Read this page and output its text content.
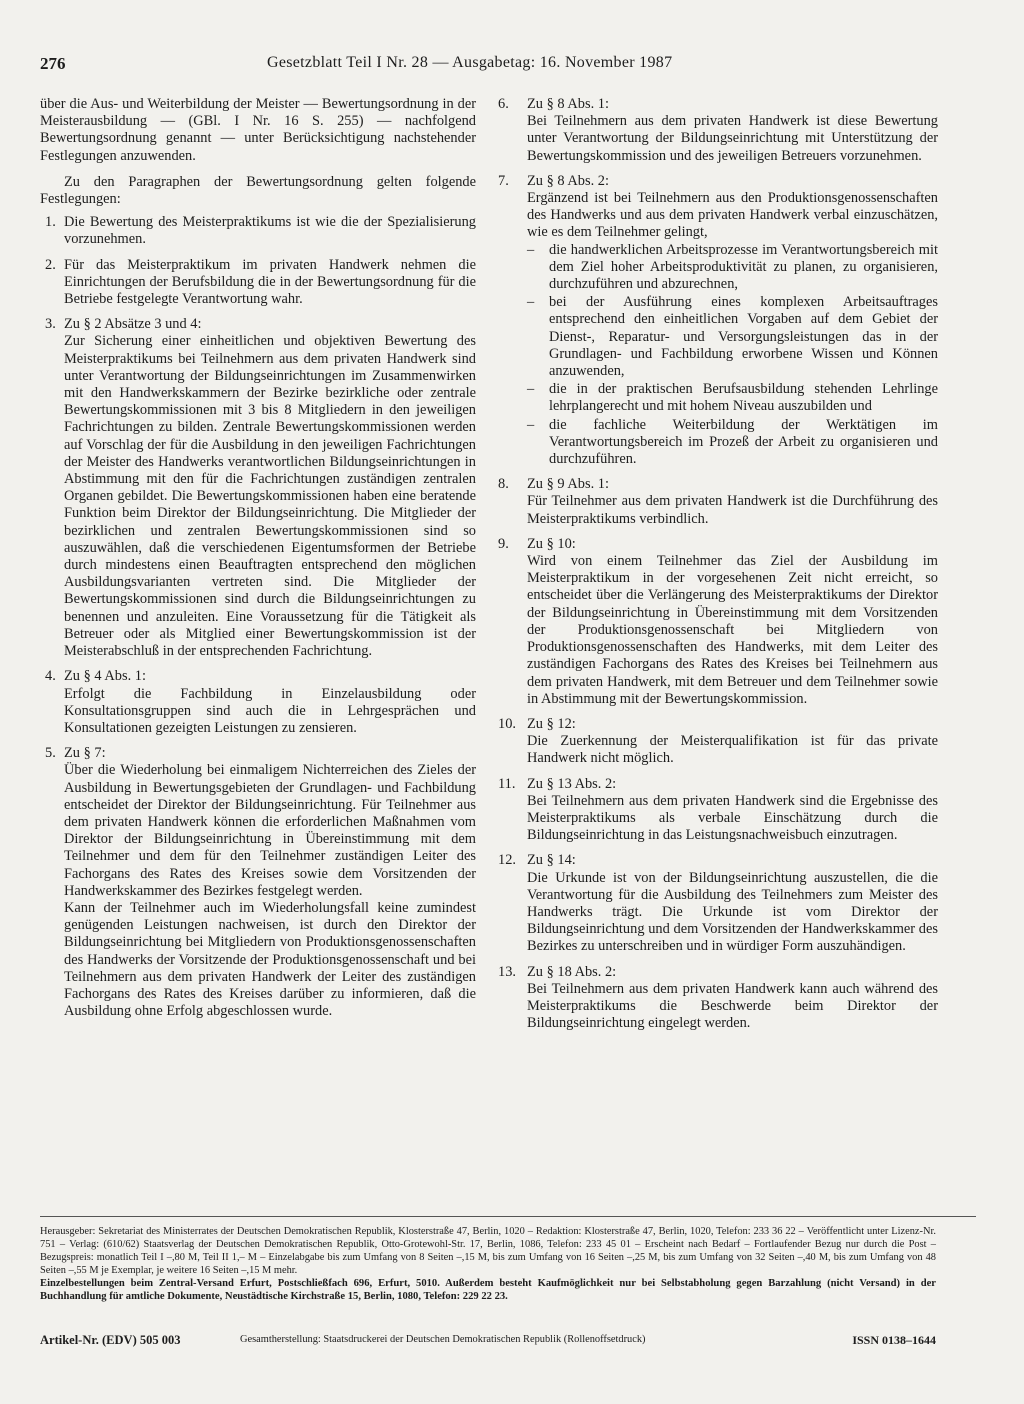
276	Gesetzblatt Teil I Nr. 28 — Ausgabetag: 16. November 1987

über die Aus- und Weiterbildung der Meister — Bewertungsordnung in der Meisterausbildung — (GBl. I Nr. 16 S. 255) — nachfolgend Bewertungsordnung genannt — unter Berücksichtigung nachstehender Festlegungen anzuwenden.

Zu den Paragraphen der Bewertungsordnung gelten folgende Festlegungen:

1. Die Bewertung des Meisterpraktikums ist wie die der Spezialisierung vorzunehmen.

2. Für das Meisterpraktikum im privaten Handwerk nehmen die Einrichtungen der Berufsbildung die in der Bewertungsordnung für die Betriebe festgelegte Verantwortung wahr.

3. Zu § 2 Absätze 3 und 4:

Zur Sicherung einer einheitlichen und objektiven Bewertung des Meisterpraktikums bei Teilnehmern aus dem privaten Handwerk sind unter Verantwortung der Bildungseinrichtungen im Zusammenwirken mit den Handwerkskammern der Bezirke bezirkliche oder zentrale Bewertungskommissionen mit 3 bis 8 Mitgliedern in den jeweiligen Fachrichtungen zu bilden. Zentrale Bewertungskommissionen werden auf Vorschlag der für die Ausbildung in den jeweiligen Fachrichtungen der Meister des Handwerks verantwortlichen Bildungseinrichtungen in Abstimmung mit den für die Fachrichtungen zuständigen zentralen Organen gebildet. Die Bewertungskommissionen haben eine beratende Funktion beim Direktor der Bildungseinrichtung. Die Mitglieder der bezirklichen und zentralen Bewertungskommissionen sind so auszuwählen, daß die verschiedenen Eigentumsformen der Betriebe durch mindestens einen Beauftragten entsprechend den möglichen Ausbildungsvarianten vertreten sind. Die Mitglieder der Bewertungskommissionen sind durch die Bildungseinrichtungen zu benennen und anzuleiten. Eine Voraussetzung für die Tätigkeit als Betreuer oder als Mitglied einer Bewertungskommission ist der Meisterabschluß in der entsprechenden Fachrichtung.

4. Zu § 4 Abs. 1:

Erfolgt die Fachbildung in Einzelausbildung oder Konsultationsgruppen sind auch die in Lehrgesprächen und Konsultationen gezeigten Leistungen zu zensieren.

5. Zu § 7:

Über die Wiederholung bei einmaligem Nichterreichen des Zieles der Ausbildung in Bewertungsgebieten der Grundlagen- und Fachbildung entscheidet der Direktor der Bildungseinrichtung. Für Teilnehmer aus dem privaten Handwerk können die erforderlichen Maßnahmen vom Direktor der Bildungseinrichtung in Übereinstimmung mit dem Teilnehmer und dem für den Teilnehmer zuständigen Leiter des Fachorgans des Rates des Kreises sowie dem Vorsitzenden der Handwerkskammer des Bezirkes festgelegt werden.

Kann der Teilnehmer auch im Wiederholungsfall keine zumindest genügenden Leistungen nachweisen, ist durch den Direktor der Bildungseinrichtung bei Mitgliedern von Produktionsgenossenschaften des Handwerks der Vorsitzende der Produktionsgenossenschaft und bei Teilnehmern aus dem privaten Handwerk der Leiter des zuständigen Fachorgans des Rates des Kreises darüber zu informieren, daß die Ausbildung ohne Erfolg abgeschlossen wurde.

6. Zu § 8 Abs. 1:

Bei Teilnehmern aus dem privaten Handwerk ist diese Bewertung unter Verantwortung der Bildungseinrichtung mit Unterstützung der Bewertungskommission und des jeweiligen Betreuers vorzunehmen.

7. Zu § 8 Abs. 2:

Ergänzend ist bei Teilnehmern aus den Produktionsgenossenschaften des Handwerks und aus dem privaten Handwerk verbal einzuschätzen, wie es dem Teilnehmer gelingt,

– die handwerklichen Arbeitsprozesse im Verantwortungsbereich mit dem Ziel hoher Arbeitsproduktivität zu planen, zu organisieren, durchzuführen und abzurechnen,
– bei der Ausführung eines komplexen Arbeitsauftrages entsprechend den einheitlichen Vorgaben auf dem Gebiet der Dienst-, Reparatur- und Versorgungsleistungen das in der Grundlagen- und Fachbildung erworbene Wissen und Können anzuwenden,
– die in der praktischen Berufsausbildung stehenden Lehrlinge lehrplangerecht und mit hohem Niveau auszubilden und
– die fachliche Weiterbildung der Werktätigen im Verantwortungsbereich im Prozeß der Arbeit zu organisieren und durchzuführen.
8. Zu § 9 Abs. 1:

Für Teilnehmer aus dem privaten Handwerk ist die Durchführung des Meisterpraktikums verbindlich.

9. Zu § 10:

Wird von einem Teilnehmer das Ziel der Ausbildung im Meisterpraktikum in der vorgesehenen Zeit nicht erreicht, so entscheidet über die Verlängerung des Meisterpraktikums der Direktor der Bildungseinrichtung in Übereinstimmung mit dem Vorsitzenden der Produktionsgenossenschaft bei Mitgliedern von Produktionsgenossenschaften des Handwerks, mit dem Leiter des zuständigen Fachorgans des Rates des Kreises bei Teilnehmern aus dem privaten Handwerk, mit dem Betreuer und dem Teilnehmer sowie in Abstimmung mit der Bewertungskommission.

10. Zu § 12:

Die Zuerkennung der Meisterqualifikation ist für das private Handwerk nicht möglich.

11. Zu § 13 Abs. 2:

Bei Teilnehmern aus dem privaten Handwerk sind die Ergebnisse des Meisterpraktikums als verbale Einschätzung durch die Bildungseinrichtung in das Leistungsnachweisbuch einzutragen.

12. Zu § 14:

Die Urkunde ist von der Bildungseinrichtung auszustellen, die die Verantwortung für die Ausbildung des Teilnehmers zum Meister des Handwerks trägt. Die Urkunde ist vom Direktor der Bildungseinrichtung und dem Vorsitzenden der Handwerkskammer des Bezirkes zu unterschreiben und in würdiger Form auszuhändigen.

13. Zu § 18 Abs. 2:

Bei Teilnehmern aus dem privaten Handwerk kann auch während des Meisterpraktikums die Beschwerde beim Direktor der Bildungseinrichtung eingelegt werden.

Herausgeber: Sekretariat des Ministerrates der Deutschen Demokratischen Republik, Klosterstraße 47, Berlin, 1020 – Redaktion: Klosterstraße 47, Berlin, 1020, Telefon: 233 36 22 – Veröffentlicht unter Lizenz-Nr. 751 – Verlag: (610/62) Staatsverlag der Deutschen Demokratischen Republik, Otto-Grotewohl-Str. 17, Berlin, 1086, Telefon: 233 45 01 – Erscheint nach Bedarf – Fortlaufender Bezug nur durch die Post – Bezugspreis: monatlich Teil I –,80 M, Teil II 1,– M – Einzelabgabe bis zum Umfang von 8 Seiten –,15 M, bis zum Umfang von 16 Seiten –,25 M, bis zum Umfang von 32 Seiten –,40 M, bis zum Umfang von 48 Seiten –,55 M je Exemplar, je weitere 16 Seiten –,15 M mehr.

Einzelbestellungen beim Zentral-Versand Erfurt, Postschließfach 696, Erfurt, 5010. Außerdem besteht Kaufmöglichkeit nur bei Selbstabholung gegen Barzahlung (nicht Versand) in der Buchhandlung für amtliche Dokumente, Neustädtische Kirchstraße 15, Berlin, 1080, Telefon: 229 22 23.

Artikel-Nr. (EDV) 505 003	Gesamtherstellung: Staatsdruckerei der Deutschen Demokratischen Republik (Rollenoffsetdruck)	ISSN 0138–1644
